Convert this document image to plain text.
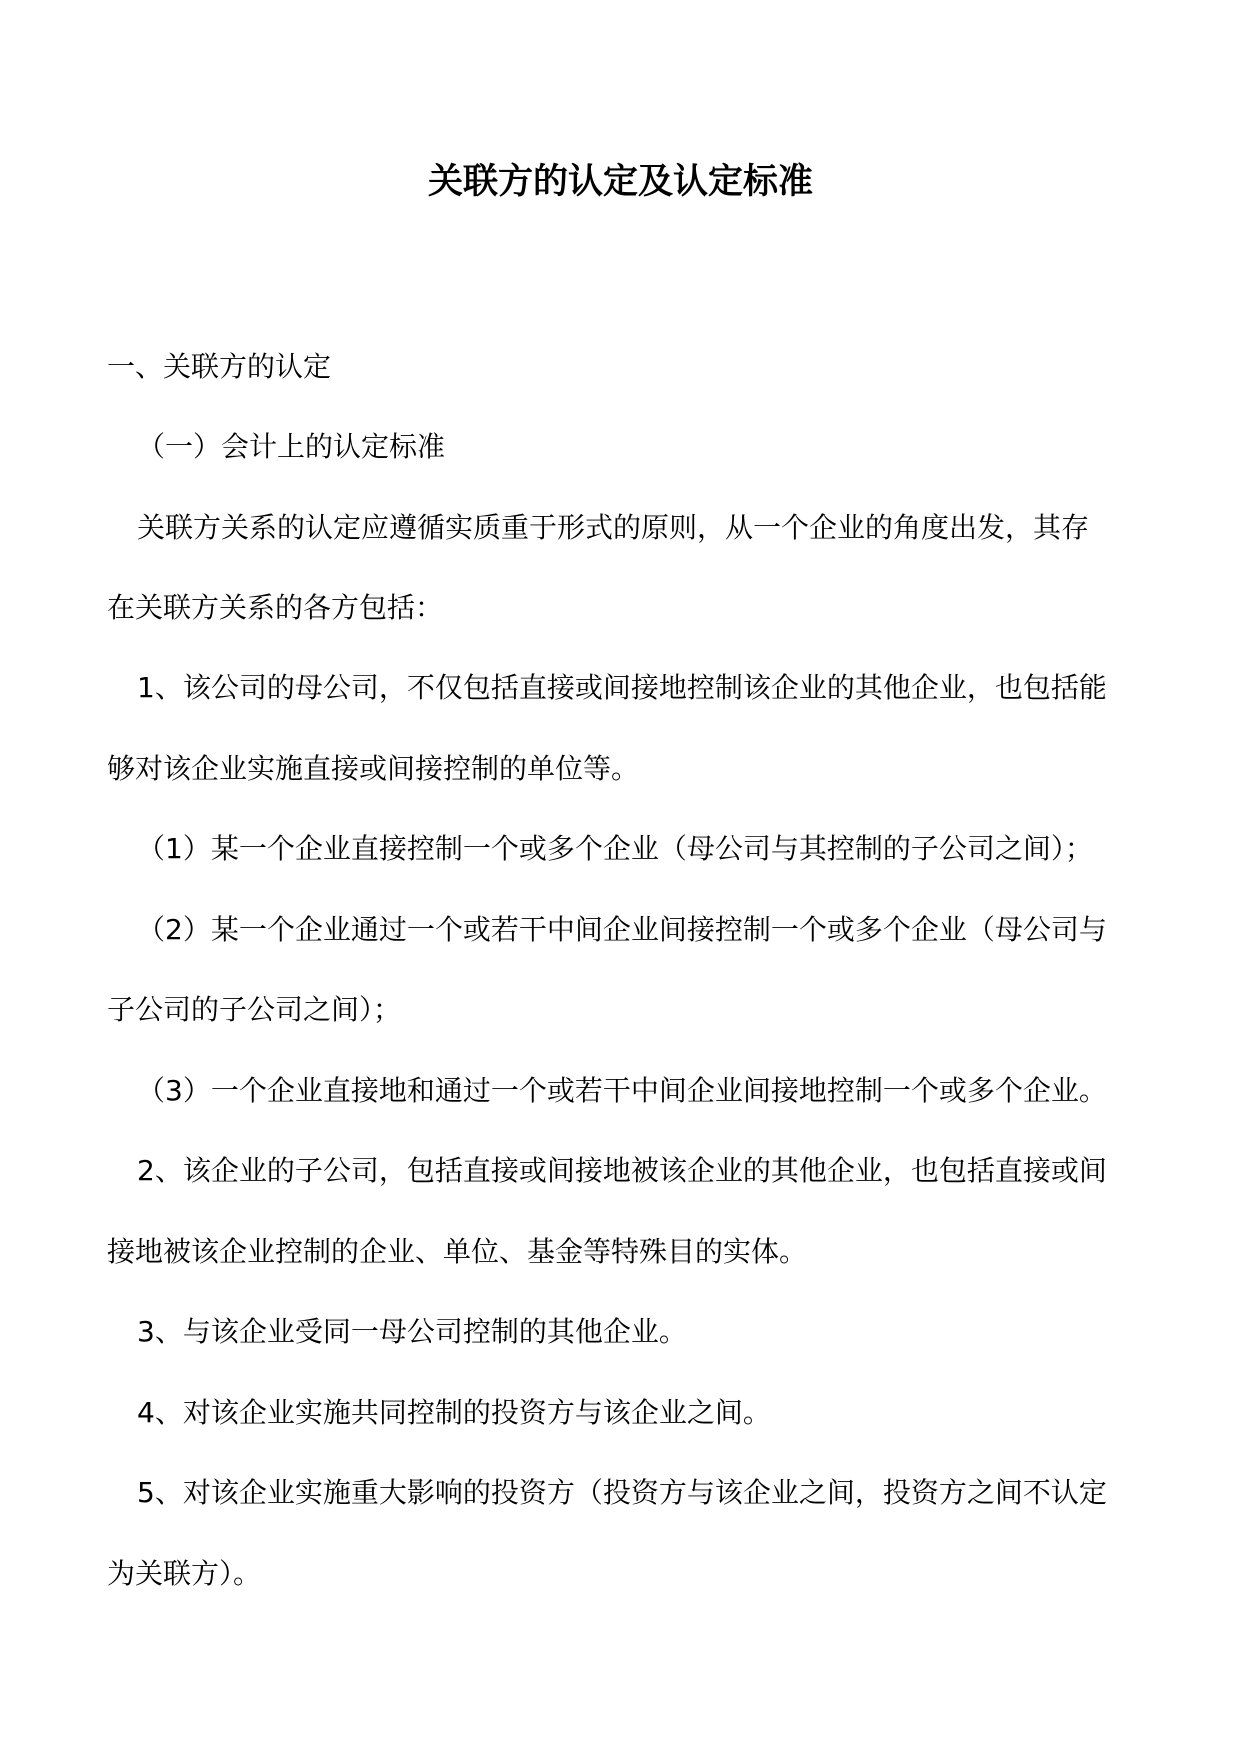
关联方的认定及认定标准

一、关联方的认定

（一）会计上的认定标准

关联方关系的认定应遵循实质重于形式的原则，从一个企业的角度出发，其存

在关联方关系的各方包括：

1、该公司的母公司，不仅包括直接或间接地控制该企业的其他企业，也包括能

够对该企业实施直接或间接控制的单位等。

（1）某一个企业直接控制一个或多个企业（母公司与其控制的子公司之间）；

（2）某一个企业通过一个或若干中间企业间接控制一个或多个企业（母公司与

子公司的子公司之间）；

（3）一个企业直接地和通过一个或若干中间企业间接地控制一个或多个企业。

2、该企业的子公司，包括直接或间接地被该企业的其他企业，也包括直接或间

接地被该企业控制的企业、单位、基金等特殊目的实体。

3、与该企业受同一母公司控制的其他企业。

4、对该企业实施共同控制的投资方与该企业之间。

5、对该企业实施重大影响的投资方（投资方与该企业之间，投资方之间不认定

为关联方）。
